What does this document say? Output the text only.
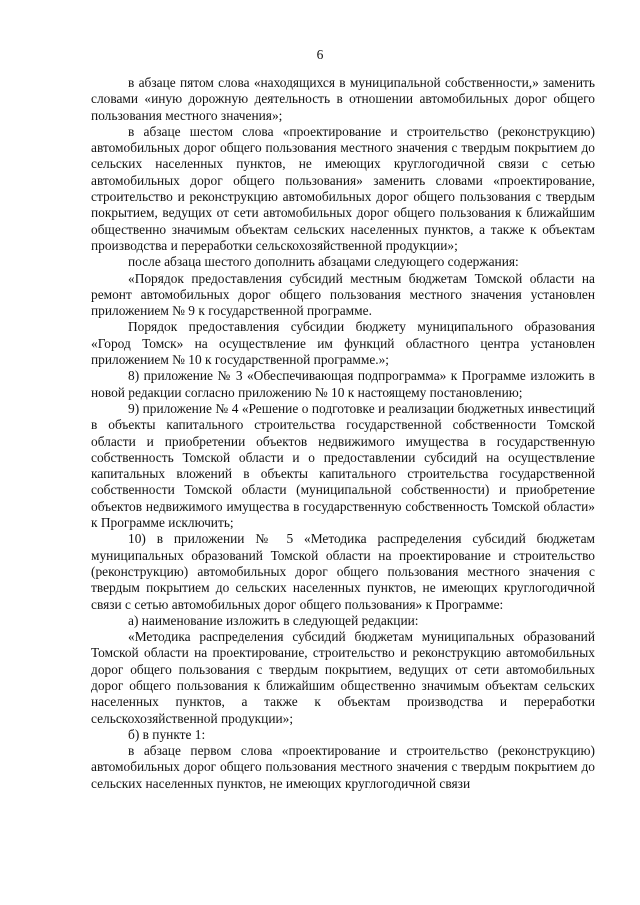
6

в абзаце пятом слова «находящихся в муниципальной собственности,» заменить словами «иную дорожную деятельность в отношении автомобильных дорог общего пользования местного значения»;

в абзаце шестом слова «проектирование и строительство (реконструкцию) автомобильных дорог общего пользования местного значения с твердым покрытием до сельских населенных пунктов, не имеющих круглогодичной связи с сетью автомобильных дорог общего пользования» заменить словами «проектирование, строительство и реконструкцию автомобильных дорог общего пользования с твердым покрытием, ведущих от сети автомобильных дорог общего пользования к ближайшим общественно значимым объектам сельских населенных пунктов, а также к объектам производства и переработки сельскохозяйственной продукции»;

после абзаца шестого дополнить абзацами следующего содержания:

«Порядок предоставления субсидий местным бюджетам Томской области на ремонт автомобильных дорог общего пользования местного значения установлен приложением № 9 к государственной программе.

Порядок предоставления субсидии бюджету муниципального образования «Город Томск» на осуществление им функций областного центра установлен приложением № 10 к государственной программе.»;

8) приложение № 3 «Обеспечивающая подпрограмма» к Программе изложить в новой редакции согласно приложению № 10 к настоящему постановлению;

9) приложение № 4 «Решение о подготовке и реализации бюджетных инвестиций в объекты капитального строительства государственной собственности Томской области и приобретении объектов недвижимого имущества в государственную собственность Томской области и о предоставлении субсидий на осуществление капитальных вложений в объекты капитального строительства государственной собственности Томской области (муниципальной собственности) и приобретение объектов недвижимого имущества в государственную собственность Томской области» к Программе исключить;

10) в приложении № 5 «Методика распределения субсидий бюджетам муниципальных образований Томской области на проектирование и строительство (реконструкцию) автомобильных дорог общего пользования местного значения с твердым покрытием до сельских населенных пунктов, не имеющих круглогодичной связи с сетью автомобильных дорог общего пользования» к Программе:

а) наименование изложить в следующей редакции:

«Методика распределения субсидий бюджетам муниципальных образований Томской области на проектирование, строительство и реконструкцию автомобильных дорог общего пользования с твердым покрытием, ведущих от сети автомобильных дорог общего пользования к ближайшим общественно значимым объектам сельских населенных пунктов, а также к объектам производства и переработки сельскохозяйственной продукции»;

б) в пункте 1:

в абзаце первом слова «проектирование и строительство (реконструкцию) автомобильных дорог общего пользования местного значения с твердым покрытием до сельских населенных пунктов, не имеющих круглогодичной связи
